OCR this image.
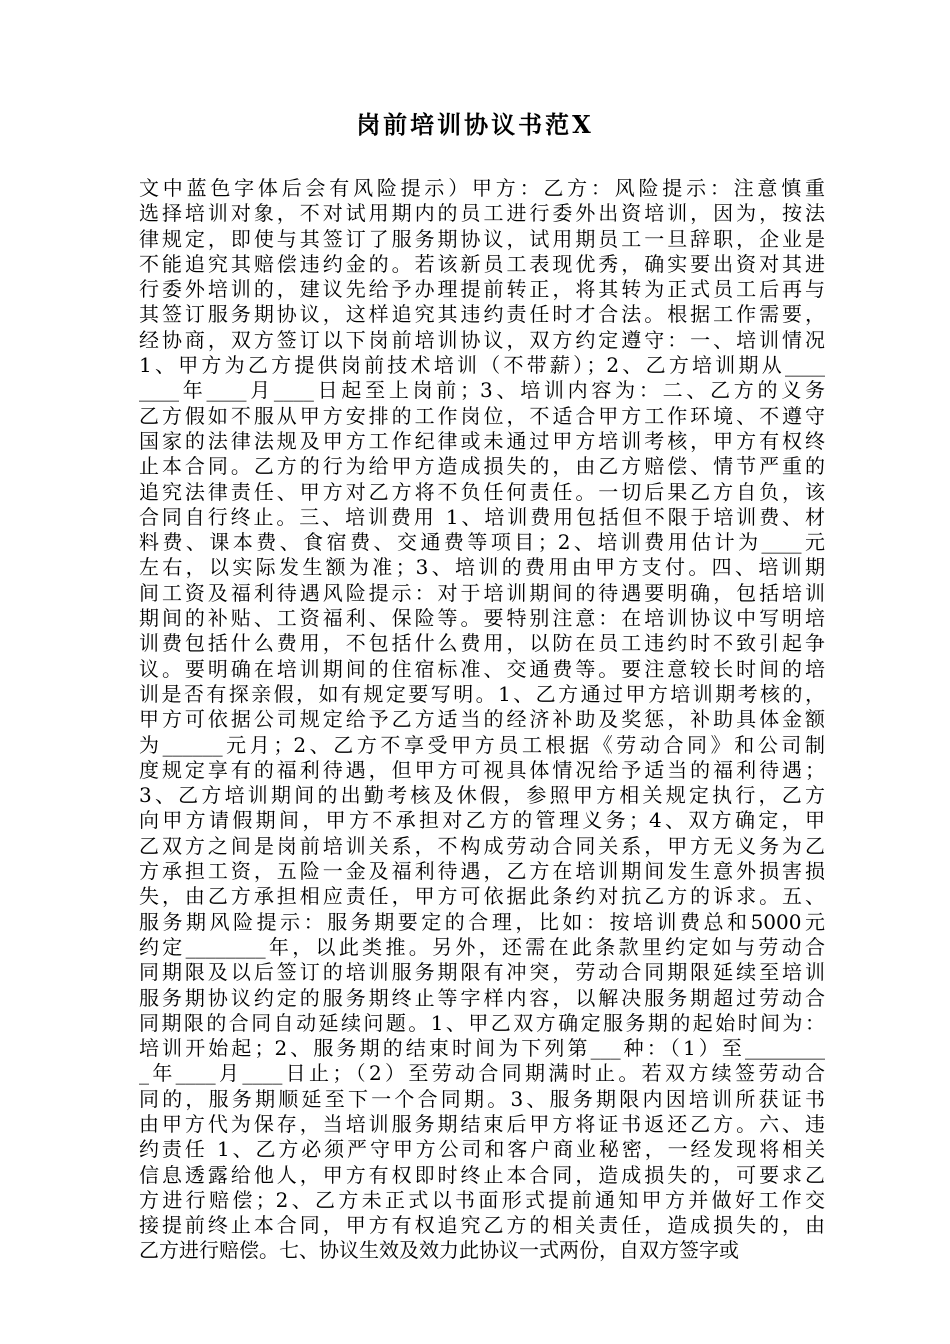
岗前培训协议书范X
文中蓝色字体后会有风险提示）甲方：乙方：风险提示：注意慎重
选择培训对象，不对试用期内的员工进行委外出资培训，因为，按法
律规定，即使与其签订了服务期协议，试用期员工一旦辞职，企业是
不能追究其赔偿违约金的。若该新员工表现优秀，确实要出资对其进
行委外培训的，建议先给予办理提前转正，将其转为正式员工后再与
其签订服务期协议，这样追究其违约责任时才合法。根据工作需要，
经协商，双方签订以下岗前培训协议，双方约定遵守：一、培训情况
1、甲方为乙方提供岗前技术培训（不带薪）；2、乙方培训期从____
____年____月____日起至上岗前；3、培训内容为：二、乙方的义务
乙方假如不服从甲方安排的工作岗位，不适合甲方工作环境、不遵守
国家的法律法规及甲方工作纪律或未通过甲方培训考核，甲方有权终
止本合同。乙方的行为给甲方造成损失的，由乙方赔偿、情节严重的
追究法律责任、甲方对乙方将不负任何责任。一切后果乙方自负，该
合同自行终止。三、培训费用 1、培训费用包括但不限于培训费、材
料费、课本费、食宿费、交通费等项目；2、培训费用估计为____元
左右，以实际发生额为准；3、培训的费用由甲方支付。四、培训期
间工资及福利待遇风险提示：对于培训期间的待遇要明确，包括培训
期间的补贴、工资福利、保险等。要特别注意：在培训协议中写明培
训费包括什么费用，不包括什么费用，以防在员工违约时不致引起争
议。要明确在培训期间的住宿标准、交通费等。要注意较长时间的培
训是否有探亲假，如有规定要写明。1、乙方通过甲方培训期考核的，
甲方可依据公司规定给予乙方适当的经济补助及奖惩，补助具体金额
为______元月；2、乙方不享受甲方员工根据《劳动合同》和公司制
度规定享有的福利待遇，但甲方可视具体情况给予适当的福利待遇；
3、乙方培训期间的出勤考核及休假，参照甲方相关规定执行，乙方
向甲方请假期间，甲方不承担对乙方的管理义务；4、双方确定，甲
乙双方之间是岗前培训关系，不构成劳动合同关系，甲方无义务为乙
方承担工资，五险一金及福利待遇，乙方在培训期间发生意外损害损
失，由乙方承担相应责任，甲方可依据此条约对抗乙方的诉求。五、
服务期风险提示：服务期要定的合理，比如：按培训费总和5000元
约定________年，以此类推。另外，还需在此条款里约定如与劳动合
同期限及以后签订的培训服务期限有冲突，劳动合同期限延续至培训
服务期协议约定的服务期终止等字样内容，以解决服务期超过劳动合
同期限的合同自动延续问题。1、甲乙双方确定服务期的起始时间为：
培训开始起；2、服务期的结束时间为下列第___种：（1）至________
_年____月____日止；（2）至劳动合同期满时止。若双方续签劳动合
同的，服务期顺延至下一个合同期。3、服务期限内因培训所获证书
由甲方代为保存，当培训服务期结束后甲方将证书返还乙方。六、违
约责任 1、乙方必须严守甲方公司和客户商业秘密，一经发现将相关
信息透露给他人，甲方有权即时终止本合同，造成损失的，可要求乙
方进行赔偿；2、乙方未正式以书面形式提前通知甲方并做好工作交
接提前终止本合同，甲方有权追究乙方的相关责任，造成损失的，由
乙方进行赔偿。七、协议生效及效力此协议一式两份，自双方签字或
